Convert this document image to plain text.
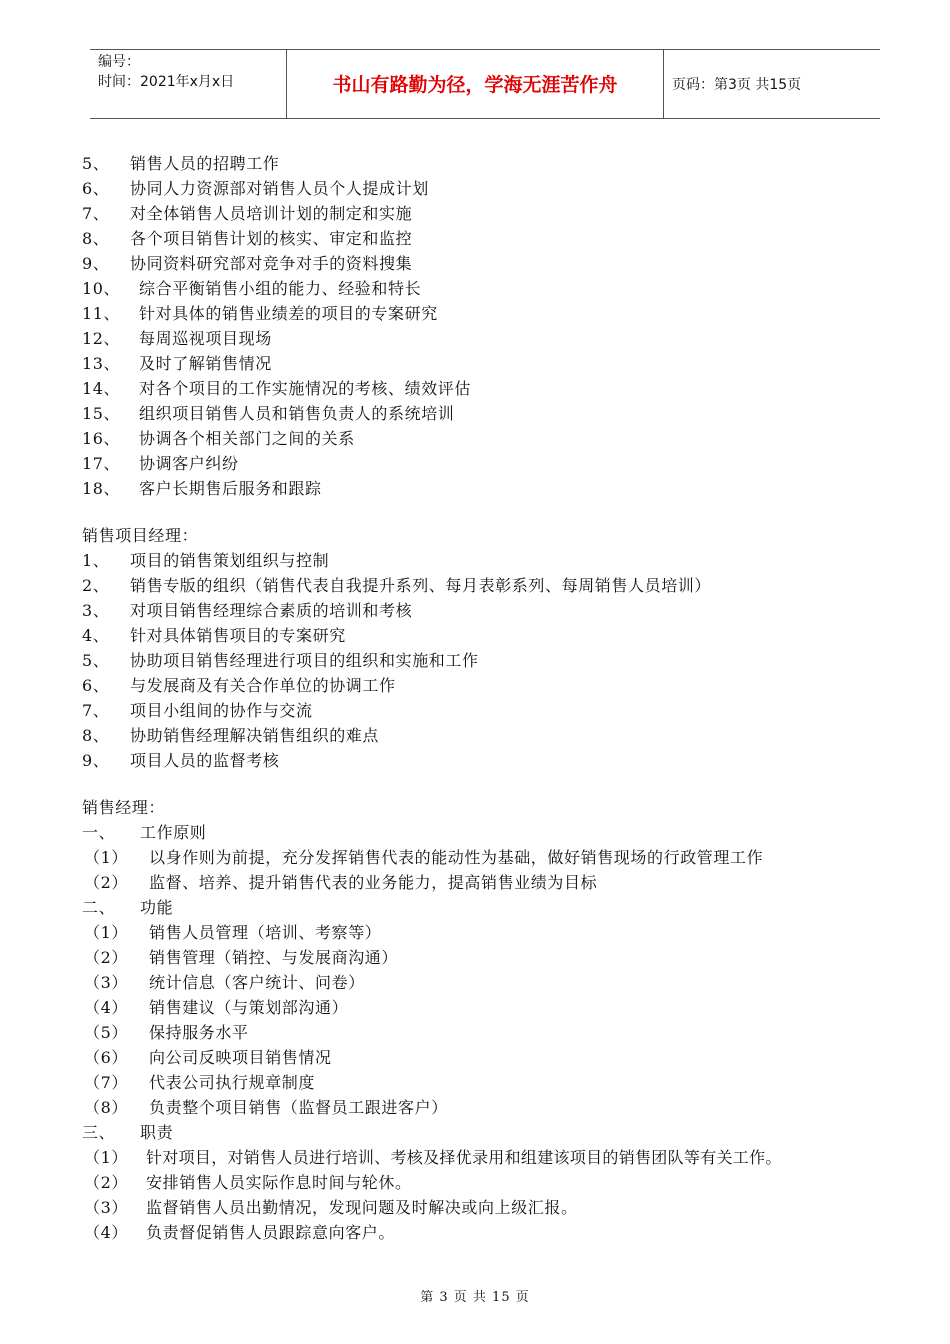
编号：
时间：2021年x月x日	书山有路勤为径，学海无涯苦作舟	页码：第3页 共15页
5、 销售人员的招聘工作
6、 协同人力资源部对销售人员个人提成计划
7、 对全体销售人员培训计划的制定和实施
8、 各个项目销售计划的核实、审定和监控
9、 协同资料研究部对竞争对手的资料搜集
10、 综合平衡销售小组的能力、经验和特长
11、 针对具体的销售业绩差的项目的专案研究
12、 每周巡视项目现场
13、 及时了解销售情况
14、 对各个项目的工作实施情况的考核、绩效评估
15、 组织项目销售人员和销售负责人的系统培训
16、 协调各个相关部门之间的关系
17、 协调客户纠纷
18、 客户长期售后服务和跟踪
销售项目经理：
1、 项目的销售策划组织与控制
2、 销售专版的组织（销售代表自我提升系列、每月表彰系列、每周销售人员培训）
3、 对项目销售经理综合素质的培训和考核
4、 针对具体销售项目的专案研究
5、 协助项目销售经理进行项目的组织和实施和工作
6、 与发展商及有关合作单位的协调工作
7、 项目小组间的协作与交流
8、 协助销售经理解决销售组织的难点
9、 项目人员的监督考核
销售经理：
一、 工作原则
（1） 以身作则为前提，充分发挥销售代表的能动性为基础，做好销售现场的行政管理工作
（2） 监督、培养、提升销售代表的业务能力，提高销售业绩为目标
二、 功能
（1） 销售人员管理（培训、考察等）
（2） 销售管理（销控、与发展商沟通）
（3） 统计信息（客户统计、问卷）
（4） 销售建议（与策划部沟通）
（5） 保持服务水平
（6） 向公司反映项目销售情况
（7） 代表公司执行规章制度
（8） 负责整个项目销售（监督员工跟进客户）
三、 职责
（1） 针对项目，对销售人员进行培训、考核及择优录用和组建该项目的销售团队等有关工作。
（2） 安排销售人员实际作息时间与轮休。
（3） 监督销售人员出勤情况，发现问题及时解决或向上级汇报。
（4） 负责督促销售人员跟踪意向客户。
第 3 页 共 15 页
